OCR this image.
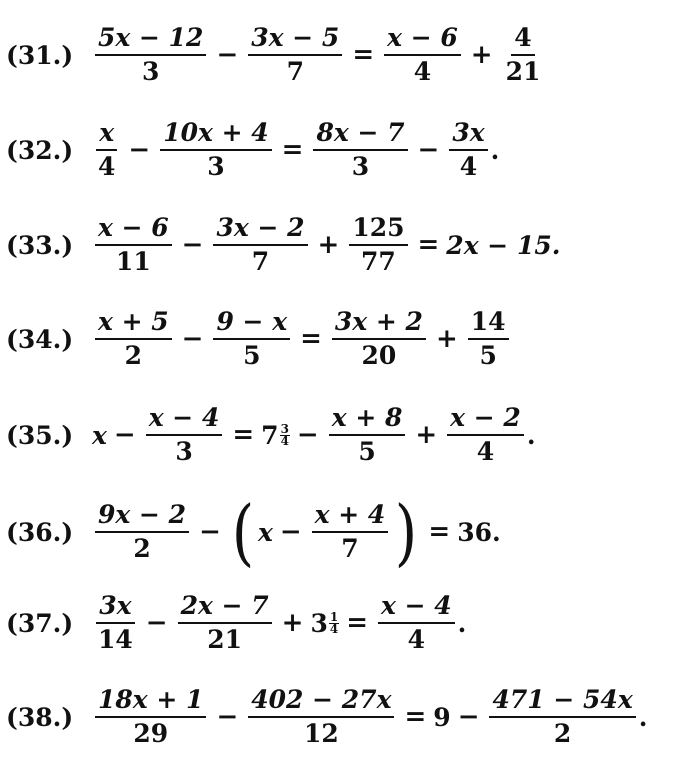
$(31.) \frac{5x - 12}{3} - \frac{3x - 5}{7} = \frac{x - 6}{4} + \frac{4}{21}$
$(32.) \frac{x}{4} - \frac{10x + 4}{3} = \frac{8x - 7}{3} - \frac{3x}{4}$ .
$(33.) \frac{x - 6}{11} - \frac{3x - 2}{7} + \frac{125}{77} = 2x - 15$.
$(34.) \frac{x + 5}{2} - \frac{9 - x}{5} = \frac{3x + 2}{20} + \frac{14}{5}$
(35.) $x - \frac{x - 4}{3} = 7 \frac{3}{4} - \frac{x + 8}{5} + \frac{x - 2}{4}$ .
$(36.) \frac{9x - 2}{2}$ − ( $x - \frac{x + 4}{7}$ ) = 36.
$(37.) \frac{3x}{14} - \frac{2x - 7}{21} + 3 \frac{1}{4} = \frac{x - 4}{4}$ .
$(38.) \frac{18x + 1}{29} - \frac{402 - 27x}{12} = 9 - \frac{471 - 54x}{2}$ .
